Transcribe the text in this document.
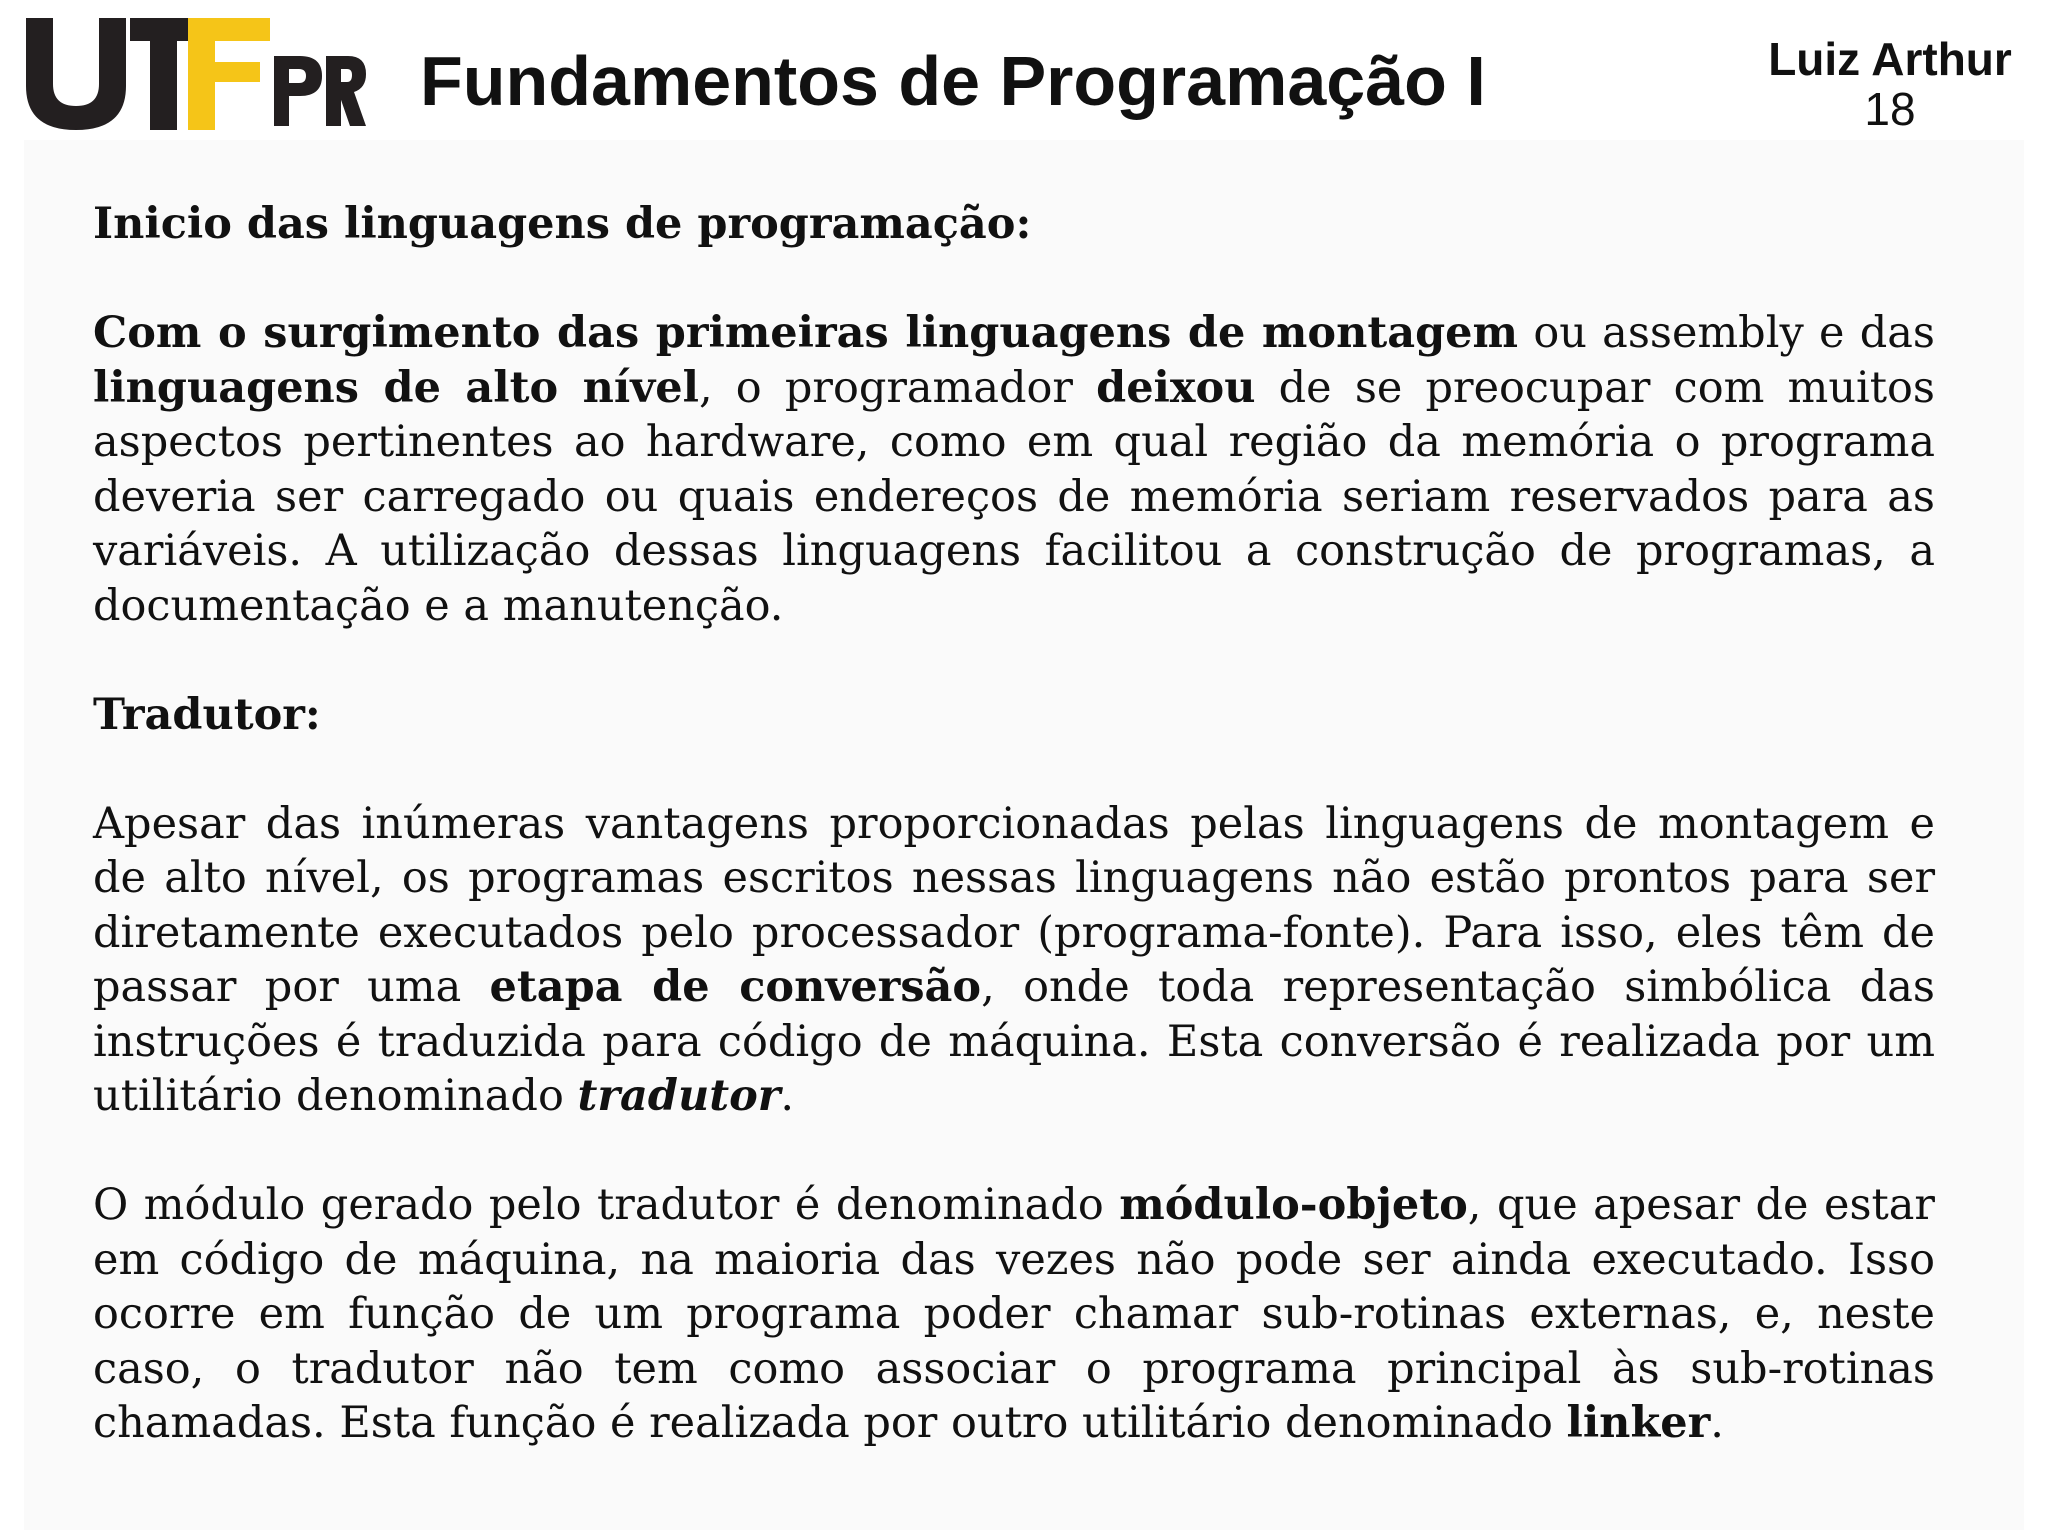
Fundamentos de Programação I	Luiz Arthur
18

Inicio das linguagens de programação:

Com o surgimento das primeiras linguagens de montagem ou assembly e das linguagens de alto nível, o programador deixou de se preocupar com muitos aspectos pertinentes ao hardware, como em qual região da memória o programa deveria ser carregado ou quais endereços de memória seriam reservados para as variáveis. A utilização dessas linguagens facilitou a construção de programas, a documentação e a manutenção.

Tradutor:

Apesar das inúmeras vantagens proporcionadas pelas linguagens de montagem e de alto nível, os programas escritos nessas linguagens não estão prontos para ser diretamente executados pelo processador (programa-fonte). Para isso, eles têm de passar por uma etapa de conversão, onde toda representação simbólica das instruções é traduzida para código de máquina. Esta conversão é realizada por um utilitário denominado tradutor.

O módulo gerado pelo tradutor é denominado módulo-objeto, que apesar de estar em código de máquina, na maioria das vezes não pode ser ainda executado. Isso ocorre em função de um programa poder chamar sub-rotinas externas, e, neste caso, o tradutor não tem como associar o programa principal às sub-rotinas chamadas. Esta função é realizada por outro utilitário denominado linker.
